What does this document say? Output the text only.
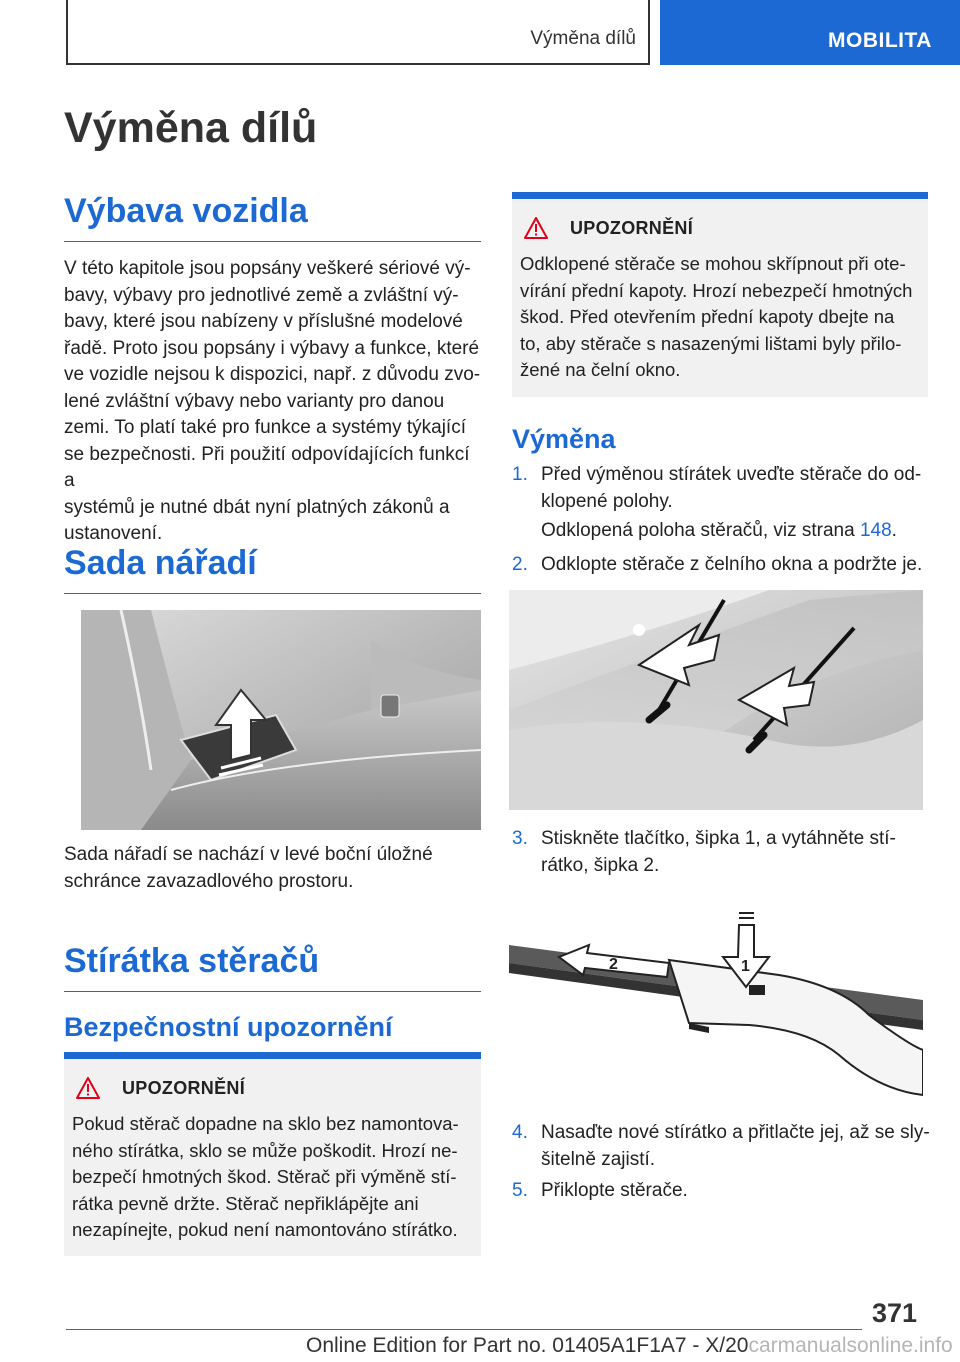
Výměna dílů	MOBILITA
Výměna dílů
Výbava vozidla
V této kapitole jsou popsány veškeré sériové vý‐
bavy, výbavy pro jednotlivé země a zvláštní vý‐
bavy, které jsou nabízeny v příslušné modelové
řadě. Proto jsou popsány i výbavy a funkce, které
ve vozidle nejsou k dispozici, např. z důvodu zvo‐
lené zvláštní výbavy nebo varianty pro danou
zemi. To platí také pro funkce a systémy týkající
se bezpečnosti. Při použití odpovídajících funkcí a
systémů je nutné dbát nyní platných zákonů a
ustanovení.
Sada nářadí
Sada nářadí se nachází v levé boční úložné
schránce zavazadlového prostoru.
Stírátka stěračů
Bezpečnostní upozornění
UPOZORNĚNÍ
Pokud stěrač dopadne na sklo bez namontova‐
ného stírátka, sklo se může poškodit. Hrozí ne‐
bezpečí hmotných škod. Stěrač při výměně stí‐
rátka pevně držte. Stěrač nepřiklápějte ani
nezapínejte, pokud není namontováno stírátko.
UPOZORNĚNÍ
Odklopené stěrače se mohou skřípnout při ote‐
vírání přední kapoty. Hrozí nebezpečí hmotných
škod. Před otevřením přední kapoty dbejte na
to, aby stěrače s nasazenými lištami byly přilo‐
žené na čelní okno.
Výměna
1. Před výměnou stírátek uveďte stěrače do od‐
klopené polohy.
Odklopená poloha stěračů, viz strana 148.
2. Odklopte stěrače z čelního okna a podržte je.
3. Stiskněte tlačítko, šipka 1, a vytáhněte stí‐
rátko, šipka 2.
2	1
4. Nasaďte nové stírátko a přitlačte jej, až se sly‐
šitelně zajistí.
5. Přiklopte stěrače.
371
Online Edition for Part no. 01405A1F1A7 - X/20carmanualsonline.info
